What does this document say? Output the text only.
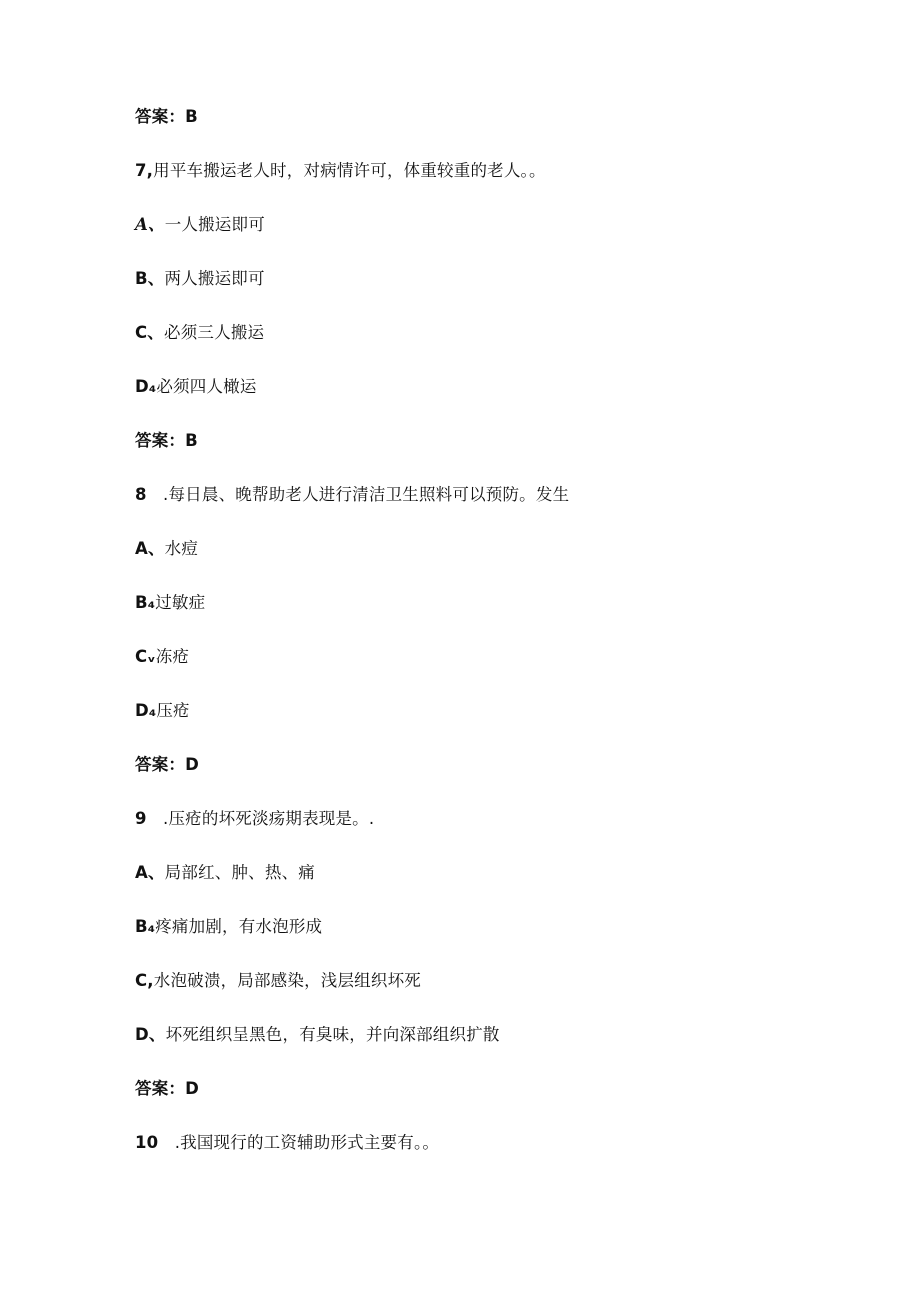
答案：B
7,用平车搬运老人时，对病情许可，体重较重的老人。。
A、一人搬运即可
B、两人搬运即可
C、必须三人搬运
D₄必须四人橄运
答案：B
8   .每日晨、晚帮助老人进行清洁卫生照料可以预防。发生
A、水痘
B₄过敏症
Cᵥ冻疮
D₄压疮
答案：D
9   .压疮的坏死淡疡期表现是。.
A、局部红、肿、热、痛
B₄疼痛加剧，有水泡形成
C,水泡破溃，局部感染，浅层组织坏死
D、坏死组织呈黑色，有臭味，并向深部组织扩散
答案：D
10   .我国现行的工资辅助形式主要有。。
